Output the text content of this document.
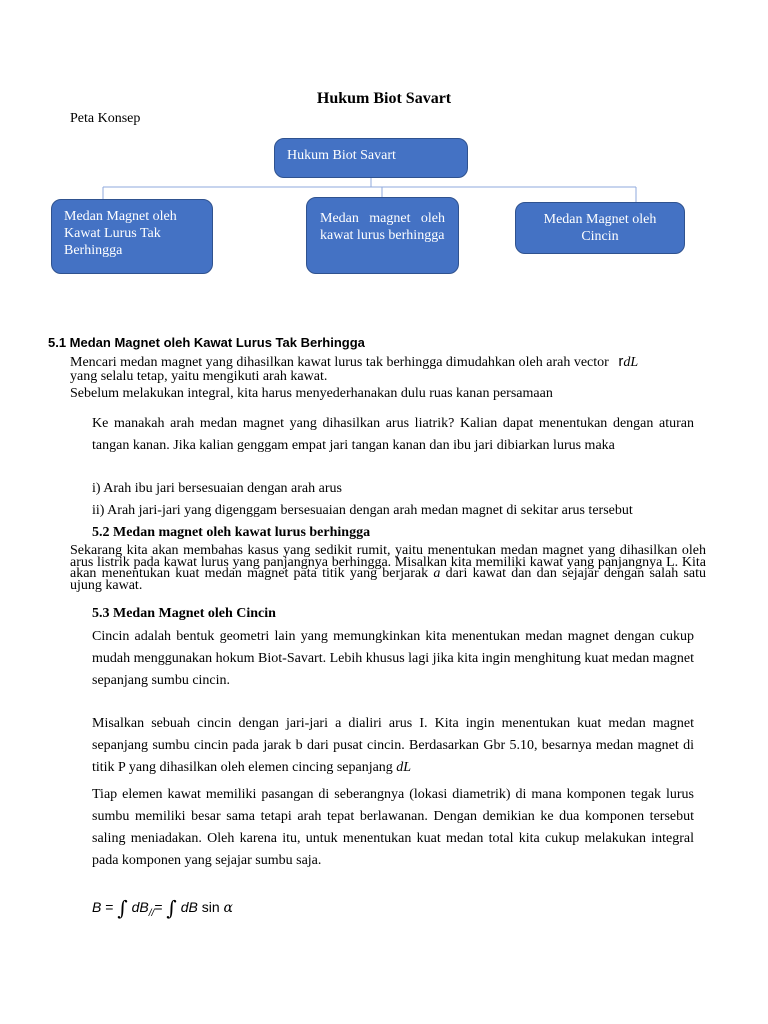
Hukum Biot Savart
Peta Konsep
Hukum Biot Savart
Medan Magnet oleh Kawat Lurus Tak Berhingga
Medan magnet oleh kawat lurus berhingga
Medan Magnet oleh Cincin
5.1 Medan Magnet oleh Kawat Lurus Tak Berhingga
Mencari medan magnet yang dihasilkan kawat lurus tak berhingga dimudahkan oleh arah vector rdL
yang selalu tetap, yaitu mengikuti arah kawat.
Sebelum melakukan integral, kita harus menyederhanakan dulu ruas kanan persamaan
Ke manakah arah medan magnet yang dihasilkan arus liatrik? Kalian dapat menentukan dengan aturan tangan kanan. Jika kalian genggam empat jari tangan kanan dan ibu jari dibiarkan lurus maka
i) Arah ibu jari bersesuaian dengan arah arus
ii) Arah jari-jari yang digenggam bersesuaian dengan arah medan magnet di sekitar arus tersebut
5.2 Medan magnet oleh kawat lurus berhingga
Sekarang kita akan membahas kasus yang sedikit rumit, yaitu menentukan medan magnet yang dihasilkan oleh arus listrik pada kawat lurus yang panjangnya berhingga. Misalkan kita memiliki kawat yang panjangnya L. Kita akan menentukan kuat medan magnet pata titik yang berjarak a dari kawat dan dan sejajar dengan salah satu ujung kawat.
5.3 Medan Magnet oleh Cincin
Cincin adalah bentuk geometri lain yang memungkinkan kita menentukan medan magnet dengan cukup mudah menggunakan hokum Biot-Savart. Lebih khusus lagi jika kita ingin menghitung kuat medan magnet sepanjang sumbu cincin.
Misalkan sebuah cincin dengan jari-jari a dialiri arus I. Kita ingin menentukan kuat medan magnet sepanjang sumbu cincin pada jarak b dari pusat cincin. Berdasarkan Gbr 5.10, besarnya medan magnet di titik P yang dihasilkan oleh elemen cincing sepanjang dL
Tiap elemen kawat memiliki pasangan di seberangnya (lokasi diametrik) di mana komponen tegak lurus sumbu memiliki besar sama tetapi arah tepat berlawanan. Dengan demikian ke dua komponen tersebut saling meniadakan. Oleh karena itu, untuk menentukan kuat medan total kita cukup melakukan integral pada komponen yang sejajar sumbu saja.
B = ∫ $dB_{//}=$ ∫ dB sin α
